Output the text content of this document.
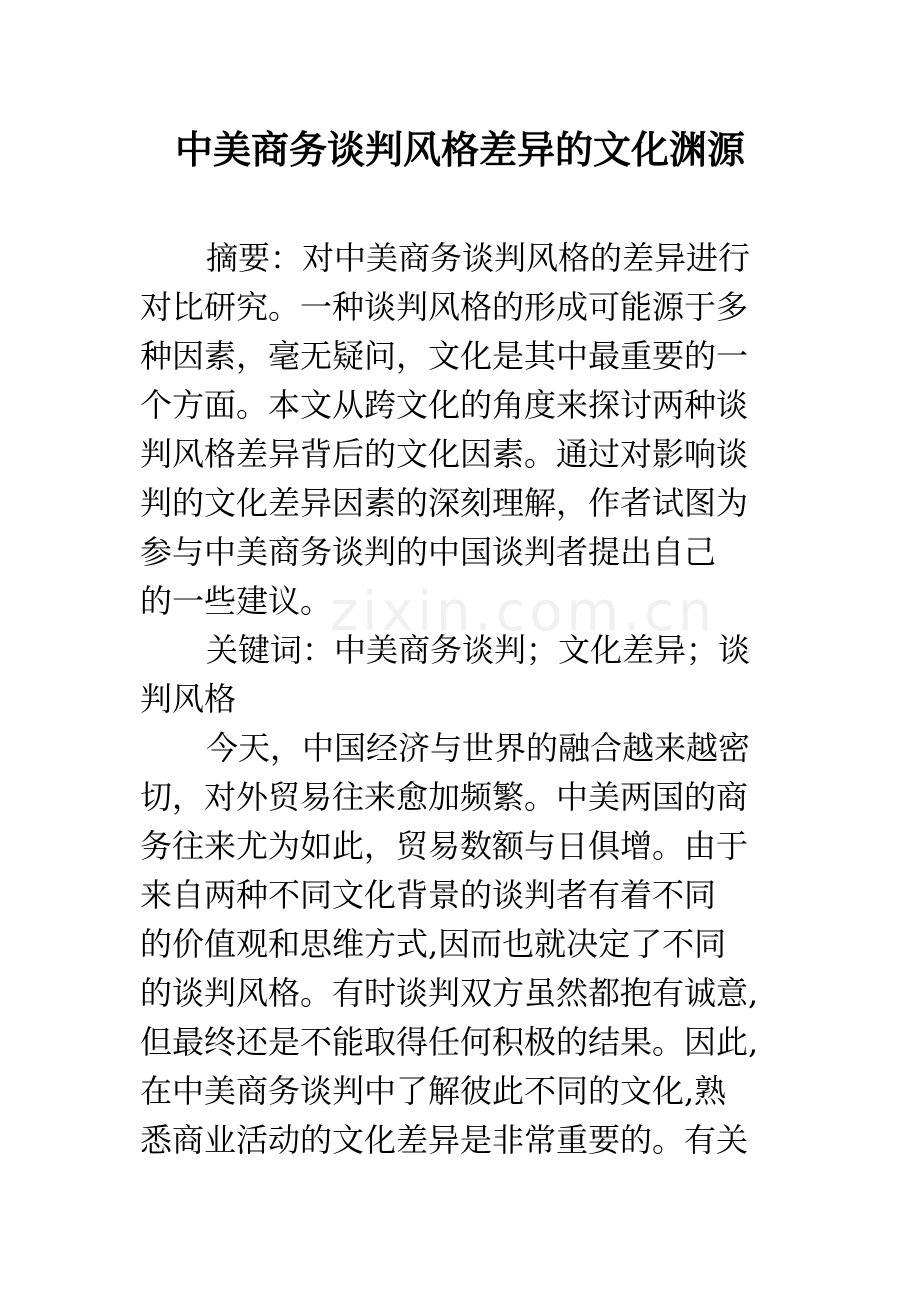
中美商务谈判风格差异的文化渊源
摘要：对中美商务谈判风格的差异进行
对比研究。一种谈判风格的形成可能源于多
种因素，毫无疑问，文化是其中最重要的一
个方面。本文从跨文化的角度来探讨两种谈
判风格差异背后的文化因素。通过对影响谈
判的文化差异因素的深刻理解，作者试图为
参与中美商务谈判的中国谈判者提出自己
的一些建议。
关键词：中美商务谈判；文化差异；谈
判风格
今天，中国经济与世界的融合越来越密
切，对外贸易往来愈加频繁。中美两国的商
务往来尤为如此，贸易数额与日俱增。由于
来自两种不同文化背景的谈判者有着不同
的价值观和思维方式,因而也就决定了不同
的谈判风格。有时谈判双方虽然都抱有诚意,
但最终还是不能取得任何积极的结果。因此,
在中美商务谈判中了解彼此不同的文化,熟
悉商业活动的文化差异是非常重要的。有关
zixin.com.cn
